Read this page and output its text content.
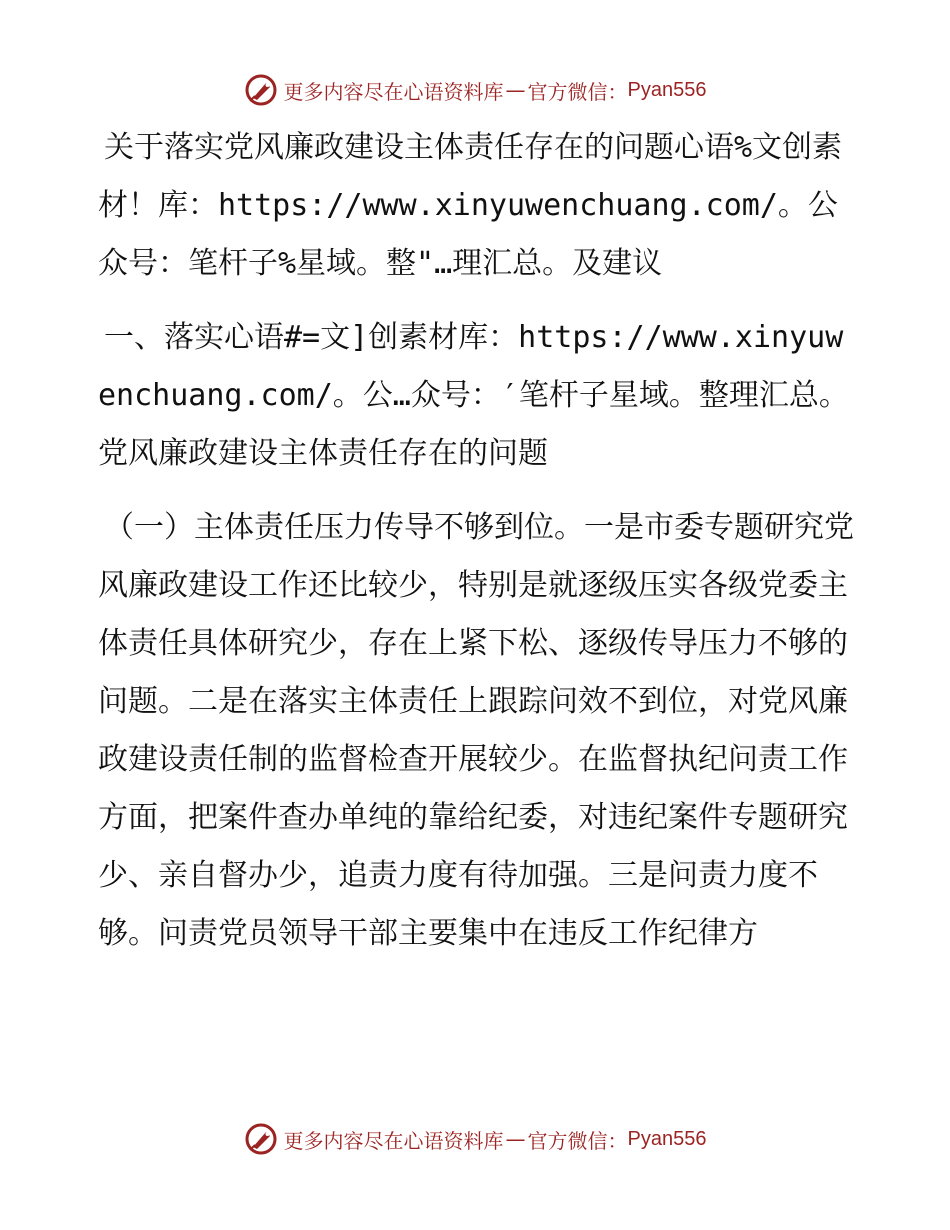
更多内容尽在心语资料库 — 官方微信： Pyan556

关于落实党风廉政建设主体责任存在的问题心语%文创素材！库：https://www.xinyuwenchuang.com/。公众号：笔杆子%星域。整"…理汇总。及建议

一、落实心语#=文]创素材库：https://www.xinyuwenchuang.com/。公…众号：′笔杆子星域。整理汇总。党风廉政建设主体责任存在的问题

（一）主体责任压力传导不够到位。一是市委专题研究党风廉政建设工作还比较少，特别是就逐级压实各级党委主体责任具体研究少，存在上紧下松、逐级传导压力不够的问题。二是在落实主体责任上跟踪问效不到位，对党风廉政建设责任制的监督检查开展较少。在监督执纪问责工作方面，把案件查办单纯的靠给纪委，对违纪案件专题研究少、亲自督办少，追责力度有待加强。三是问责力度不够。问责党员领导干部主要集中在违反工作纪律方

更多内容尽在心语资料库 — 官方微信： Pyan556
